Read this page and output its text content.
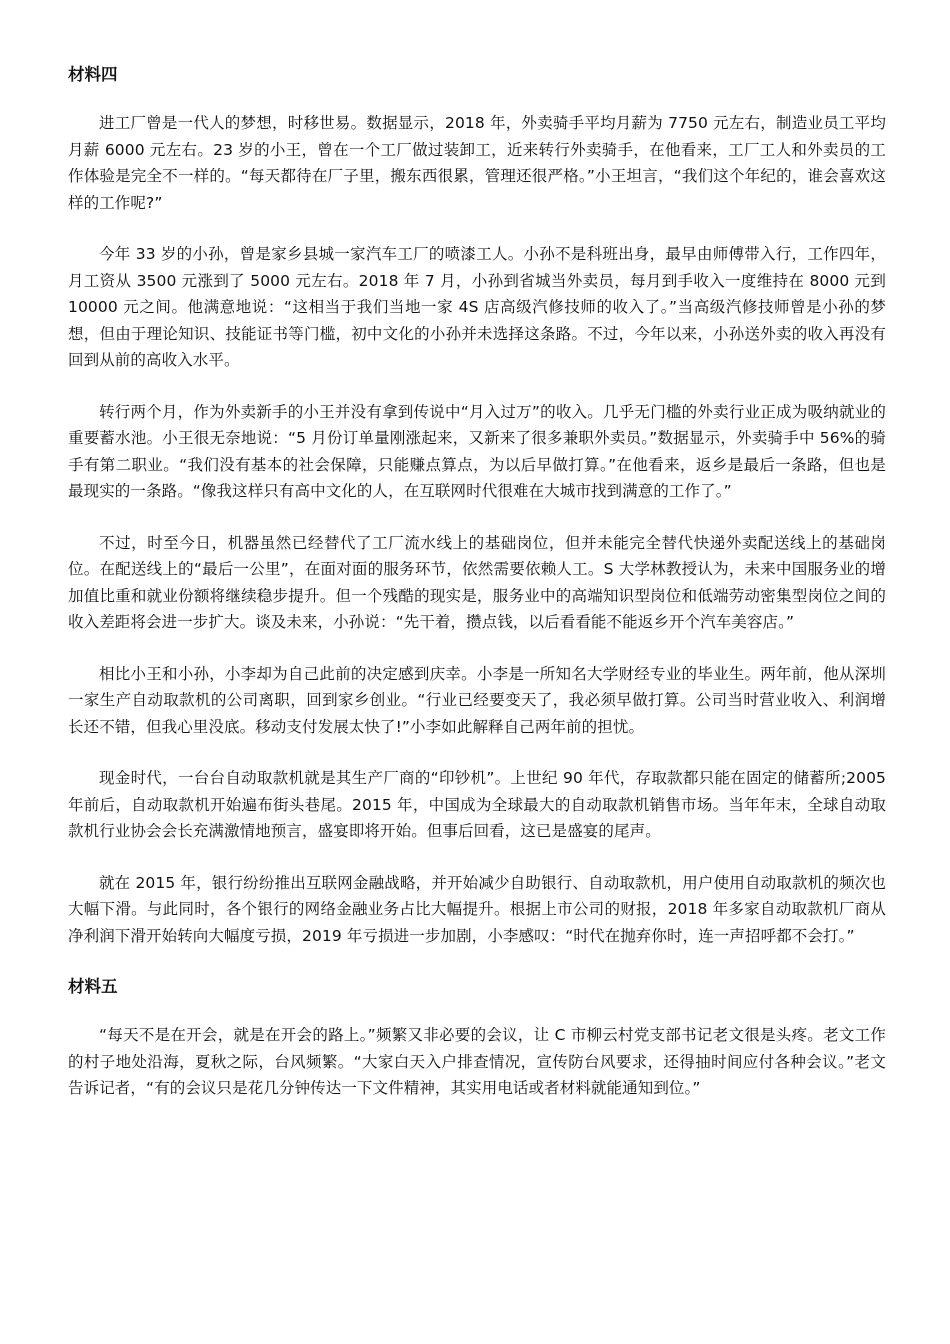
材料四

进工厂曾是一代人的梦想，时移世易。数据显示，2018 年，外卖骑手平均月薪为 7750 元左右，制造业员工平均月薪 6000 元左右。23 岁的小王，曾在一个工厂做过装卸工，近来转行外卖骑手，在他看来，工厂工人和外卖员的工作体验是完全不一样的。“每天都待在厂子里，搬东西很累，管理还很严格。”小王坦言，“我们这个年纪的，谁会喜欢这样的工作呢?”

今年 33 岁的小孙，曾是家乡县城一家汽车工厂的喷漆工人。小孙不是科班出身，最早由师傅带入行，工作四年，月工资从 3500 元涨到了 5000 元左右。2018 年 7 月，小孙到省城当外卖员，每月到手收入一度维持在 8000 元到 10000 元之间。他满意地说：“这相当于我们当地一家 4S 店高级汽修技师的收入了。”当高级汽修技师曾是小孙的梦想，但由于理论知识、技能证书等门槛，初中文化的小孙并未选择这条路。不过，今年以来，小孙送外卖的收入再没有回到从前的高收入水平。

转行两个月，作为外卖新手的小王并没有拿到传说中“月入过万”的收入。几乎无门槛的外卖行业正成为吸纳就业的重要蓄水池。小王很无奈地说：“5 月份订单量刚涨起来，又新来了很多兼职外卖员。”数据显示，外卖骑手中 56%的骑手有第二职业。“我们没有基本的社会保障，只能赚点算点，为以后早做打算。”在他看来，返乡是最后一条路，但也是最现实的一条路。“像我这样只有高中文化的人，在互联网时代很难在大城市找到满意的工作了。”

不过，时至今日，机器虽然已经替代了工厂流水线上的基础岗位，但并未能完全替代快递外卖配送线上的基础岗位。在配送线上的“最后一公里”，在面对面的服务环节，依然需要依赖人工。S 大学林教授认为，未来中国服务业的增加值比重和就业份额将继续稳步提升。但一个残酷的现实是，服务业中的高端知识型岗位和低端劳动密集型岗位之间的收入差距将会进一步扩大。谈及未来，小孙说：“先干着，攒点钱，以后看看能不能返乡开个汽车美容店。”

相比小王和小孙，小李却为自己此前的决定感到庆幸。小李是一所知名大学财经专业的毕业生。两年前，他从深圳一家生产自动取款机的公司离职，回到家乡创业。“行业已经要变天了，我必须早做打算。公司当时营业收入、利润增长还不错，但我心里没底。移动支付发展太快了!”小李如此解释自己两年前的担忧。

现金时代，一台台自动取款机就是其生产厂商的“印钞机”。上世纪 90 年代，存取款都只能在固定的储蓄所;2005 年前后，自动取款机开始遍布街头巷尾。2015 年，中国成为全球最大的自动取款机销售市场。当年年末，全球自动取款机行业协会会长充满激情地预言，盛宴即将开始。但事后回看，这已是盛宴的尾声。

就在 2015 年，银行纷纷推出互联网金融战略，并开始减少自助银行、自动取款机，用户使用自动取款机的频次也大幅下滑。与此同时，各个银行的网络金融业务占比大幅提升。根据上市公司的财报，2018 年多家自动取款机厂商从净利润下滑开始转向大幅度亏损，2019 年亏损进一步加剧，小李感叹：“时代在抛弃你时，连一声招呼都不会打。”

材料五

“每天不是在开会，就是在开会的路上。”频繁又非必要的会议，让 C 市柳云村党支部书记老文很是头疼。老文工作的村子地处沿海，夏秋之际，台风频繁。“大家白天入户排查情况，宣传防台风要求，还得抽时间应付各种会议。”老文告诉记者，“有的会议只是花几分钟传达一下文件精神，其实用电话或者材料就能通知到位。”
